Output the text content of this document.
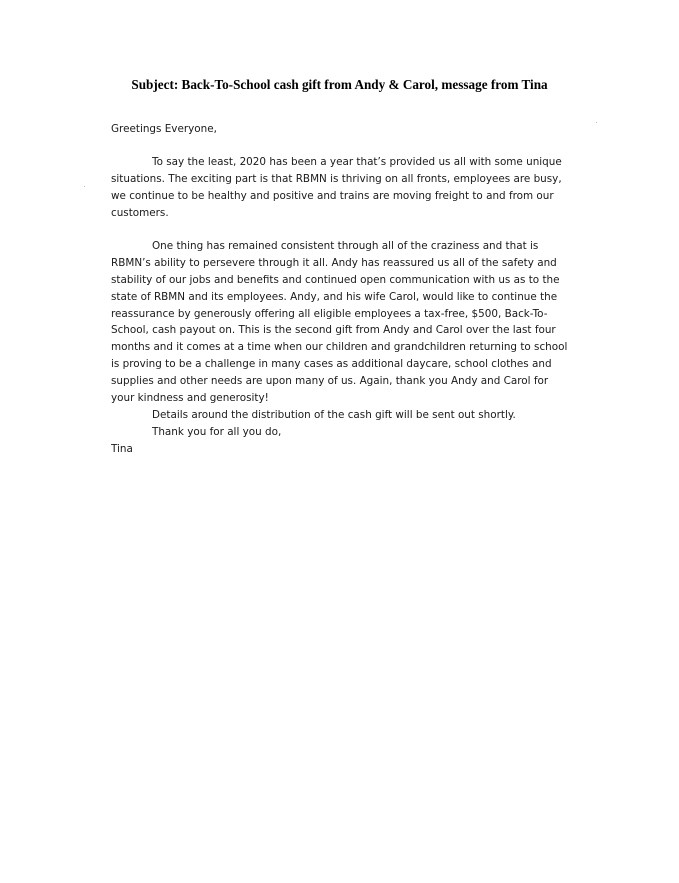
Subject: Back-To-School cash gift from Andy & Carol, message from Tina
Greetings Everyone,
To say the least, 2020 has been a year that’s provided us all with some unique
situations. The exciting part is that RBMN is thriving on all fronts, employees are busy,
we continue to be healthy and positive and trains are moving freight to and from our
customers.
One thing has remained consistent through all of the craziness and that is
RBMN’s ability to persevere through it all. Andy has reassured us all of the safety and
stability of our jobs and benefits and continued open communication with us as to the
state of RBMN and its employees. Andy, and his wife Carol, would like to continue the
reassurance by generously offering all eligible employees a tax-free, $500, Back-To-
School, cash payout on. This is the second gift from Andy and Carol over the last four
months and it comes at a time when our children and grandchildren returning to school
is proving to be a challenge in many cases as additional daycare, school clothes and
supplies and other needs are upon many of us. Again, thank you Andy and Carol for
your kindness and generosity!
Details around the distribution of the cash gift will be sent out shortly.
Thank you for all you do,
Tina
